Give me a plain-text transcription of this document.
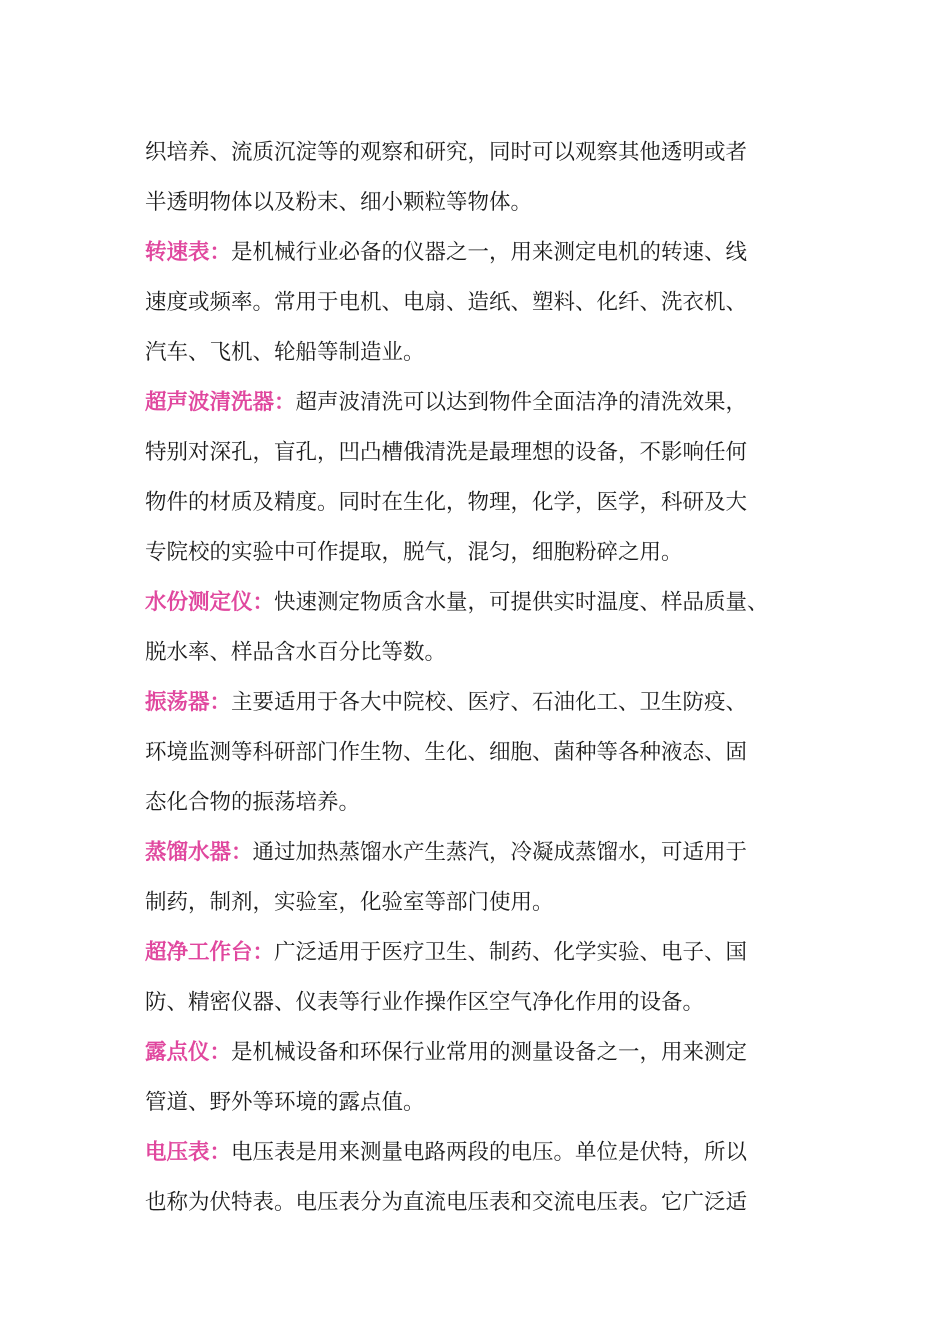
织培养、流质沉淀等的观察和研究，同时可以观察其他透明或者
半透明物体以及粉末、细小颗粒等物体。
转速表：是机械行业必备的仪器之一，用来测定电机的转速、线
速度或频率。常用于电机、电扇、造纸、塑料、化纤、洗衣机、
汽车、飞机、轮船等制造业。
超声波清洗器：超声波清洗可以达到物件全面洁净的清洗效果，
特别对深孔，盲孔，凹凸槽俄清洗是最理想的设备，不影响任何
物件的材质及精度。同时在生化，物理，化学，医学，科研及大
专院校的实验中可作提取，脱气，混匀，细胞粉碎之用。
水份测定仪：快速测定物质含水量，可提供实时温度、样品质量、
脱水率、样品含水百分比等数。
振荡器：主要适用于各大中院校、医疗、石油化工、卫生防疫、
环境监测等科研部门作生物、生化、细胞、菌种等各种液态、固
态化合物的振荡培养。
蒸馏水器：通过加热蒸馏水产生蒸汽，冷凝成蒸馏水，可适用于
制药，制剂，实验室，化验室等部门使用。
超净工作台：广泛适用于医疗卫生、制药、化学实验、电子、国
防、精密仪器、仪表等行业作操作区空气净化作用的设备。
露点仪：是机械设备和环保行业常用的测量设备之一，用来测定
管道、野外等环境的露点值。
电压表：电压表是用来测量电路两段的电压。单位是伏特，所以
也称为伏特表。电压表分为直流电压表和交流电压表。它广泛适
